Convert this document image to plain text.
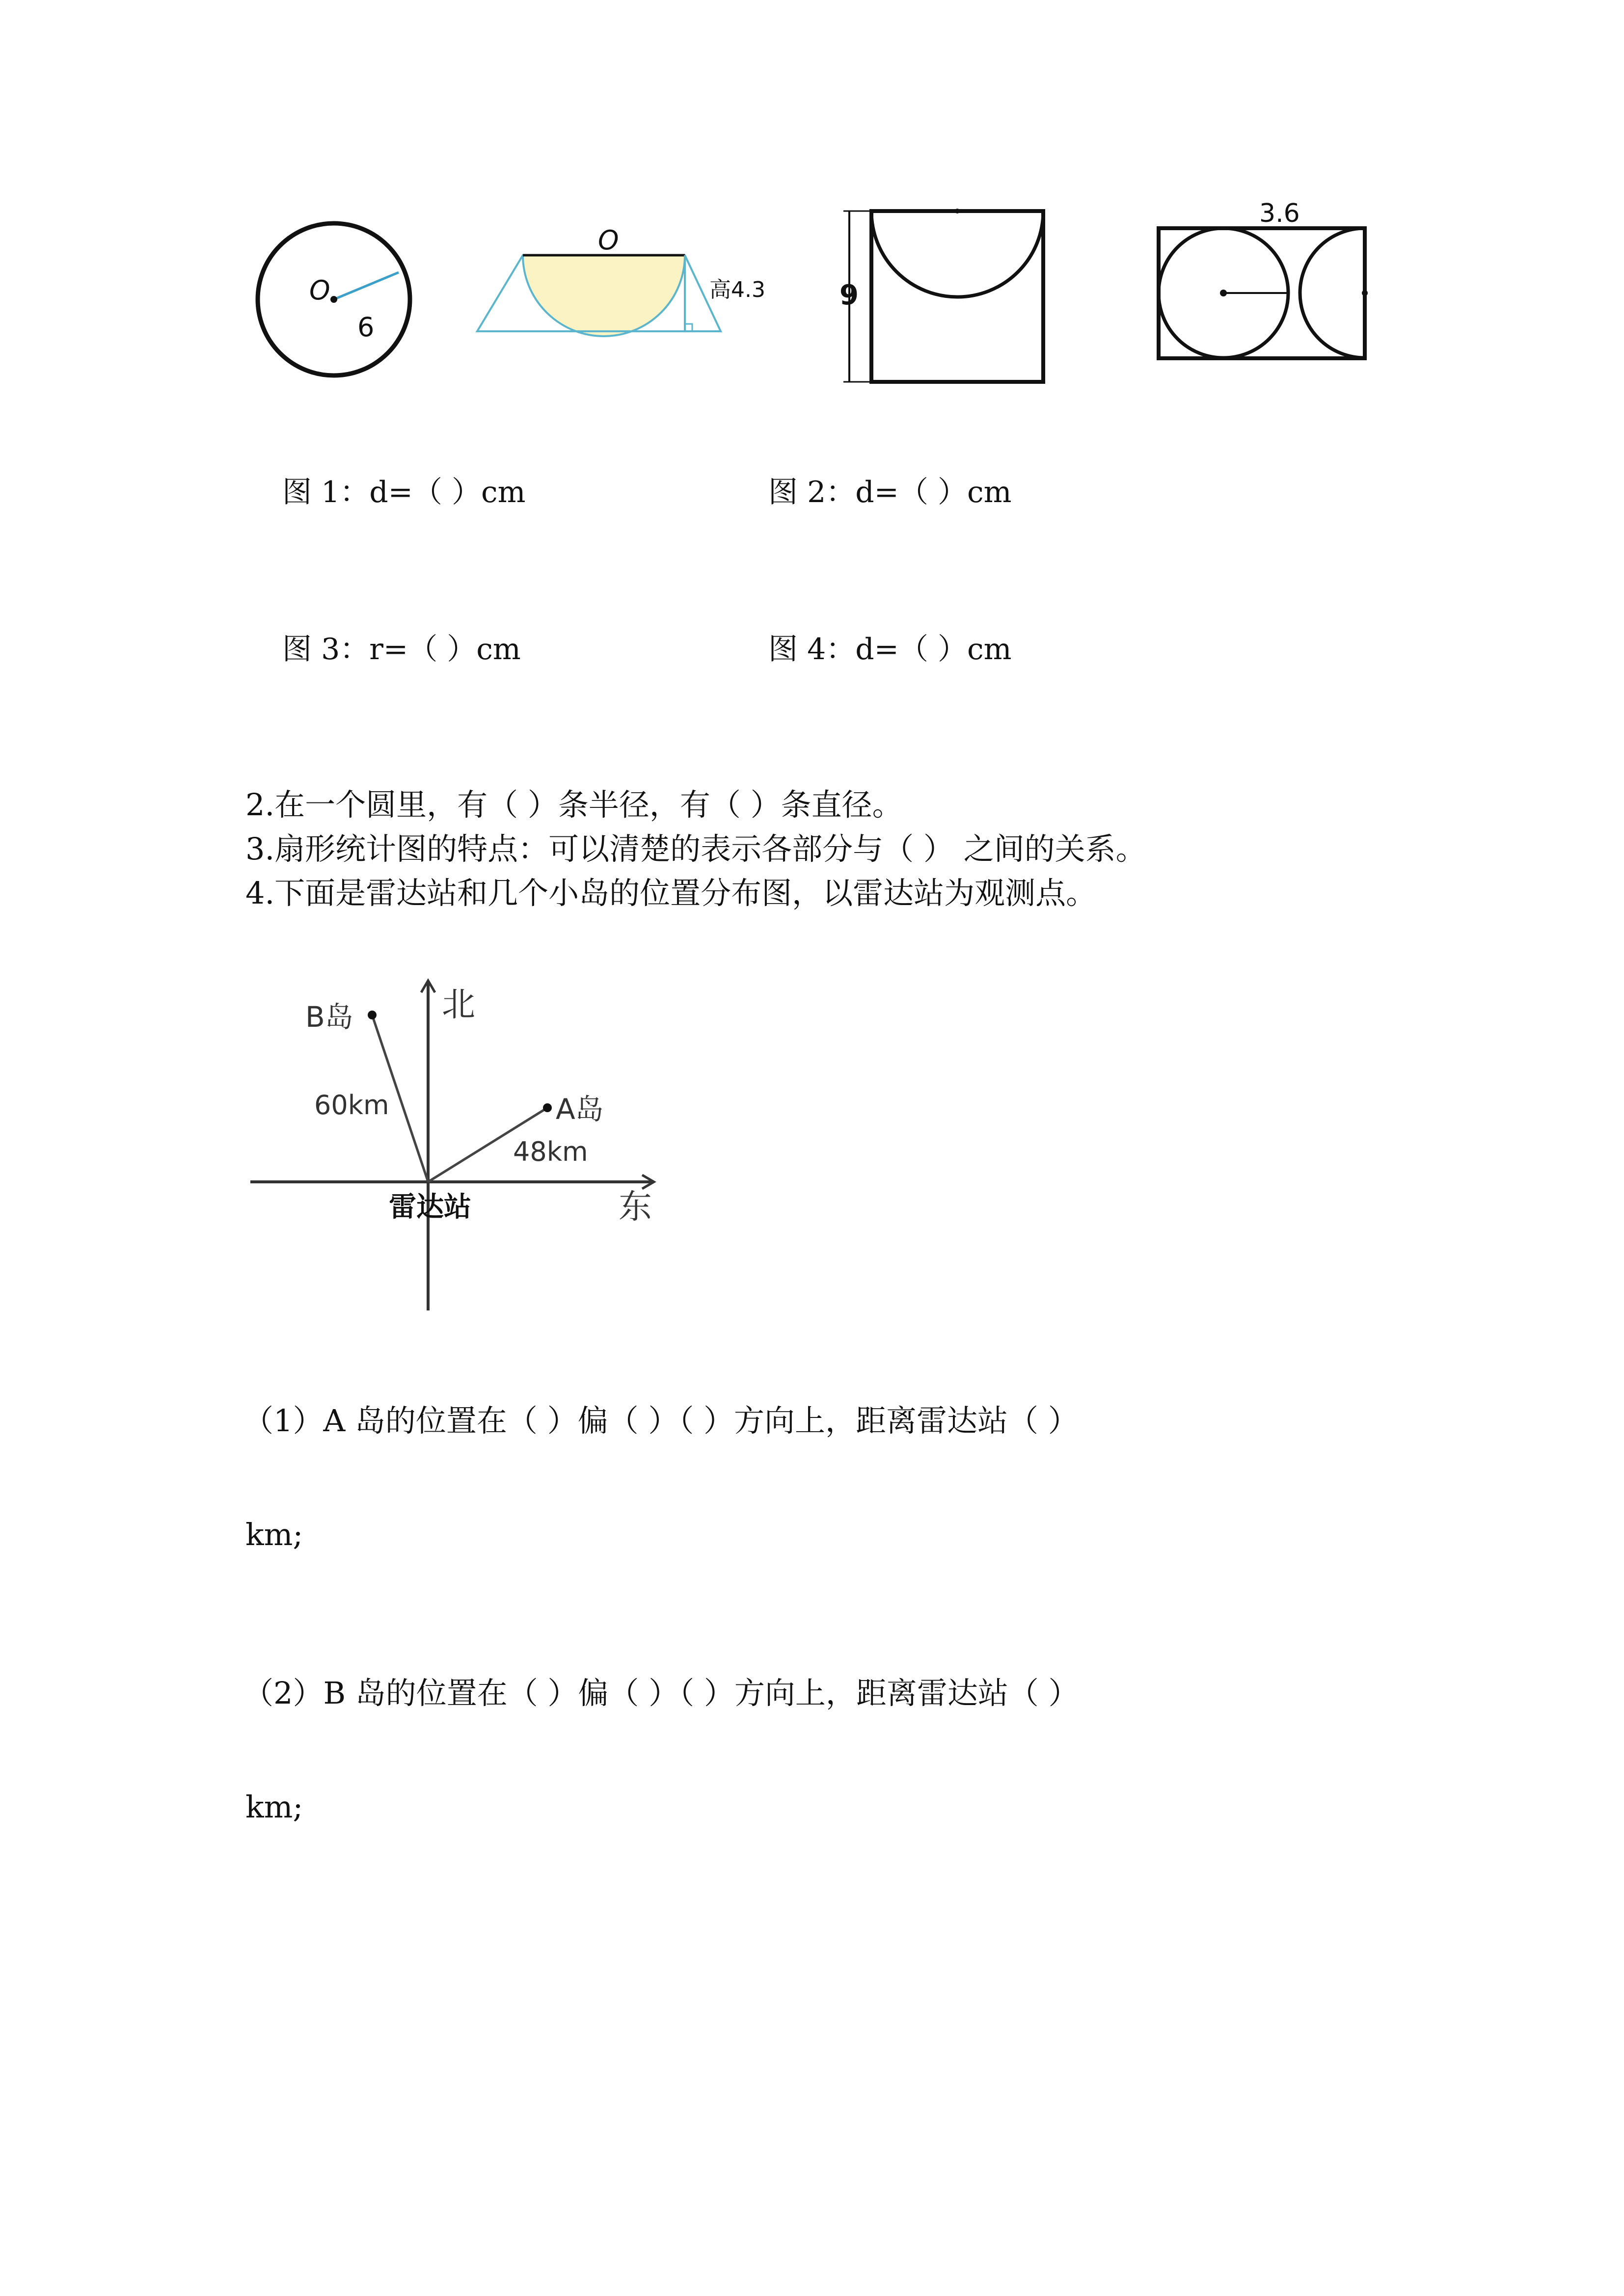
O
6
O
高4.3	9
3.6
图 1：d=（ ）cm	图 2：d=（ ）cm
图 3：r=（ ）cm	图 4：d=（ ）cm
2.在一个圆里，有（ ）条半径，有（ ）条直径。
3.扇形统计图的特点：可以清楚的表示各部分与（ ） 之间的关系。
4.下面是雷达站和几个小岛的位置分布图，以雷达站为观测点。
北
东
雷达站
B岛
A岛
60km
48km
（1）A 岛的位置在（ ）偏（ ）（ ）方向上，距离雷达站（ ）
km;
（2）B 岛的位置在（ ）偏（ ）（ ）方向上，距离雷达站（ ）
km;
